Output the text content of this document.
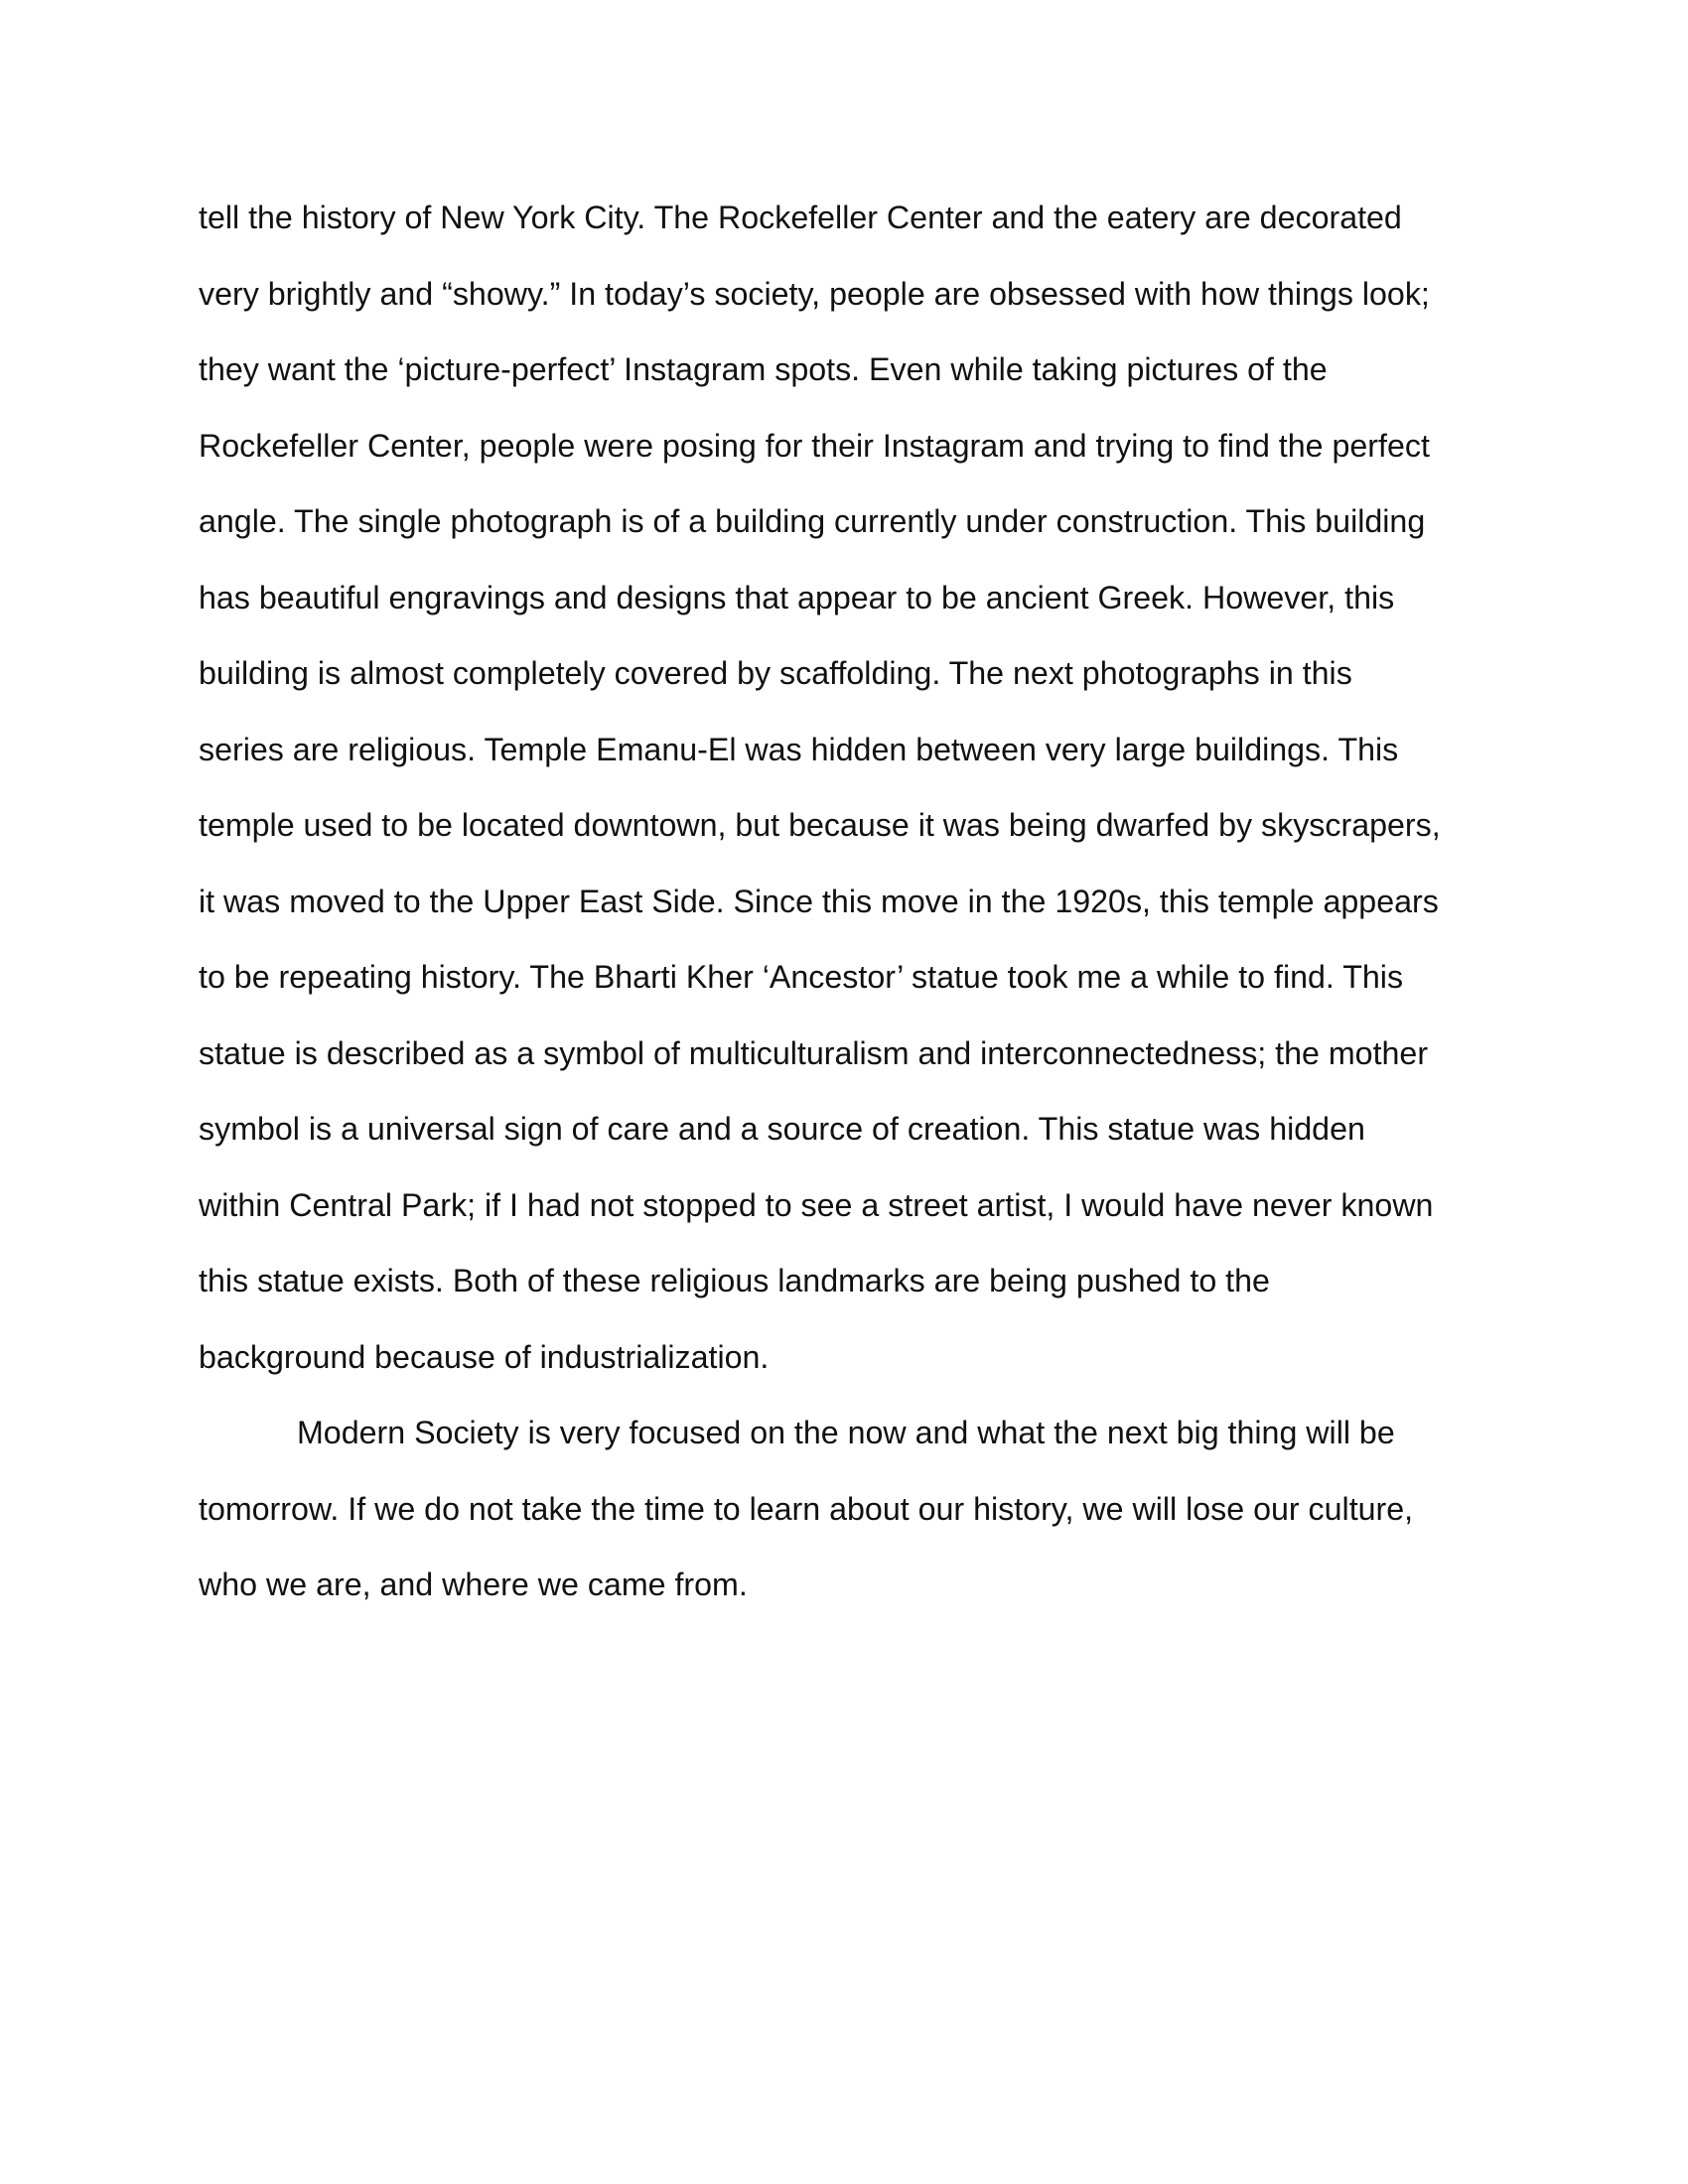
tell the history of New York City. The Rockefeller Center and the eatery are decorated
very brightly and “showy.” In today’s society, people are obsessed with how things look;
they want the ‘picture-perfect’ Instagram spots. Even while taking pictures of the
Rockefeller Center, people were posing for their Instagram and trying to find the perfect
angle. The single photograph is of a building currently under construction. This building
has beautiful engravings and designs that appear to be ancient Greek. However, this
building is almost completely covered by scaffolding. The next photographs in this
series are religious. Temple Emanu-El was hidden between very large buildings. This
temple used to be located downtown, but because it was being dwarfed by skyscrapers,
it was moved to the Upper East Side. Since this move in the 1920s, this temple appears
to be repeating history. The Bharti Kher ‘Ancestor’ statue took me a while to find. This
statue is described as a symbol of multiculturalism and interconnectedness; the mother
symbol is a universal sign of care and a source of creation. This statue was hidden
within Central Park; if I had not stopped to see a street artist, I would have never known
this statue exists. Both of these religious landmarks are being pushed to the
background because of industrialization.
Modern Society is very focused on the now and what the next big thing will be
tomorrow. If we do not take the time to learn about our history, we will lose our culture,
who we are, and where we came from.
